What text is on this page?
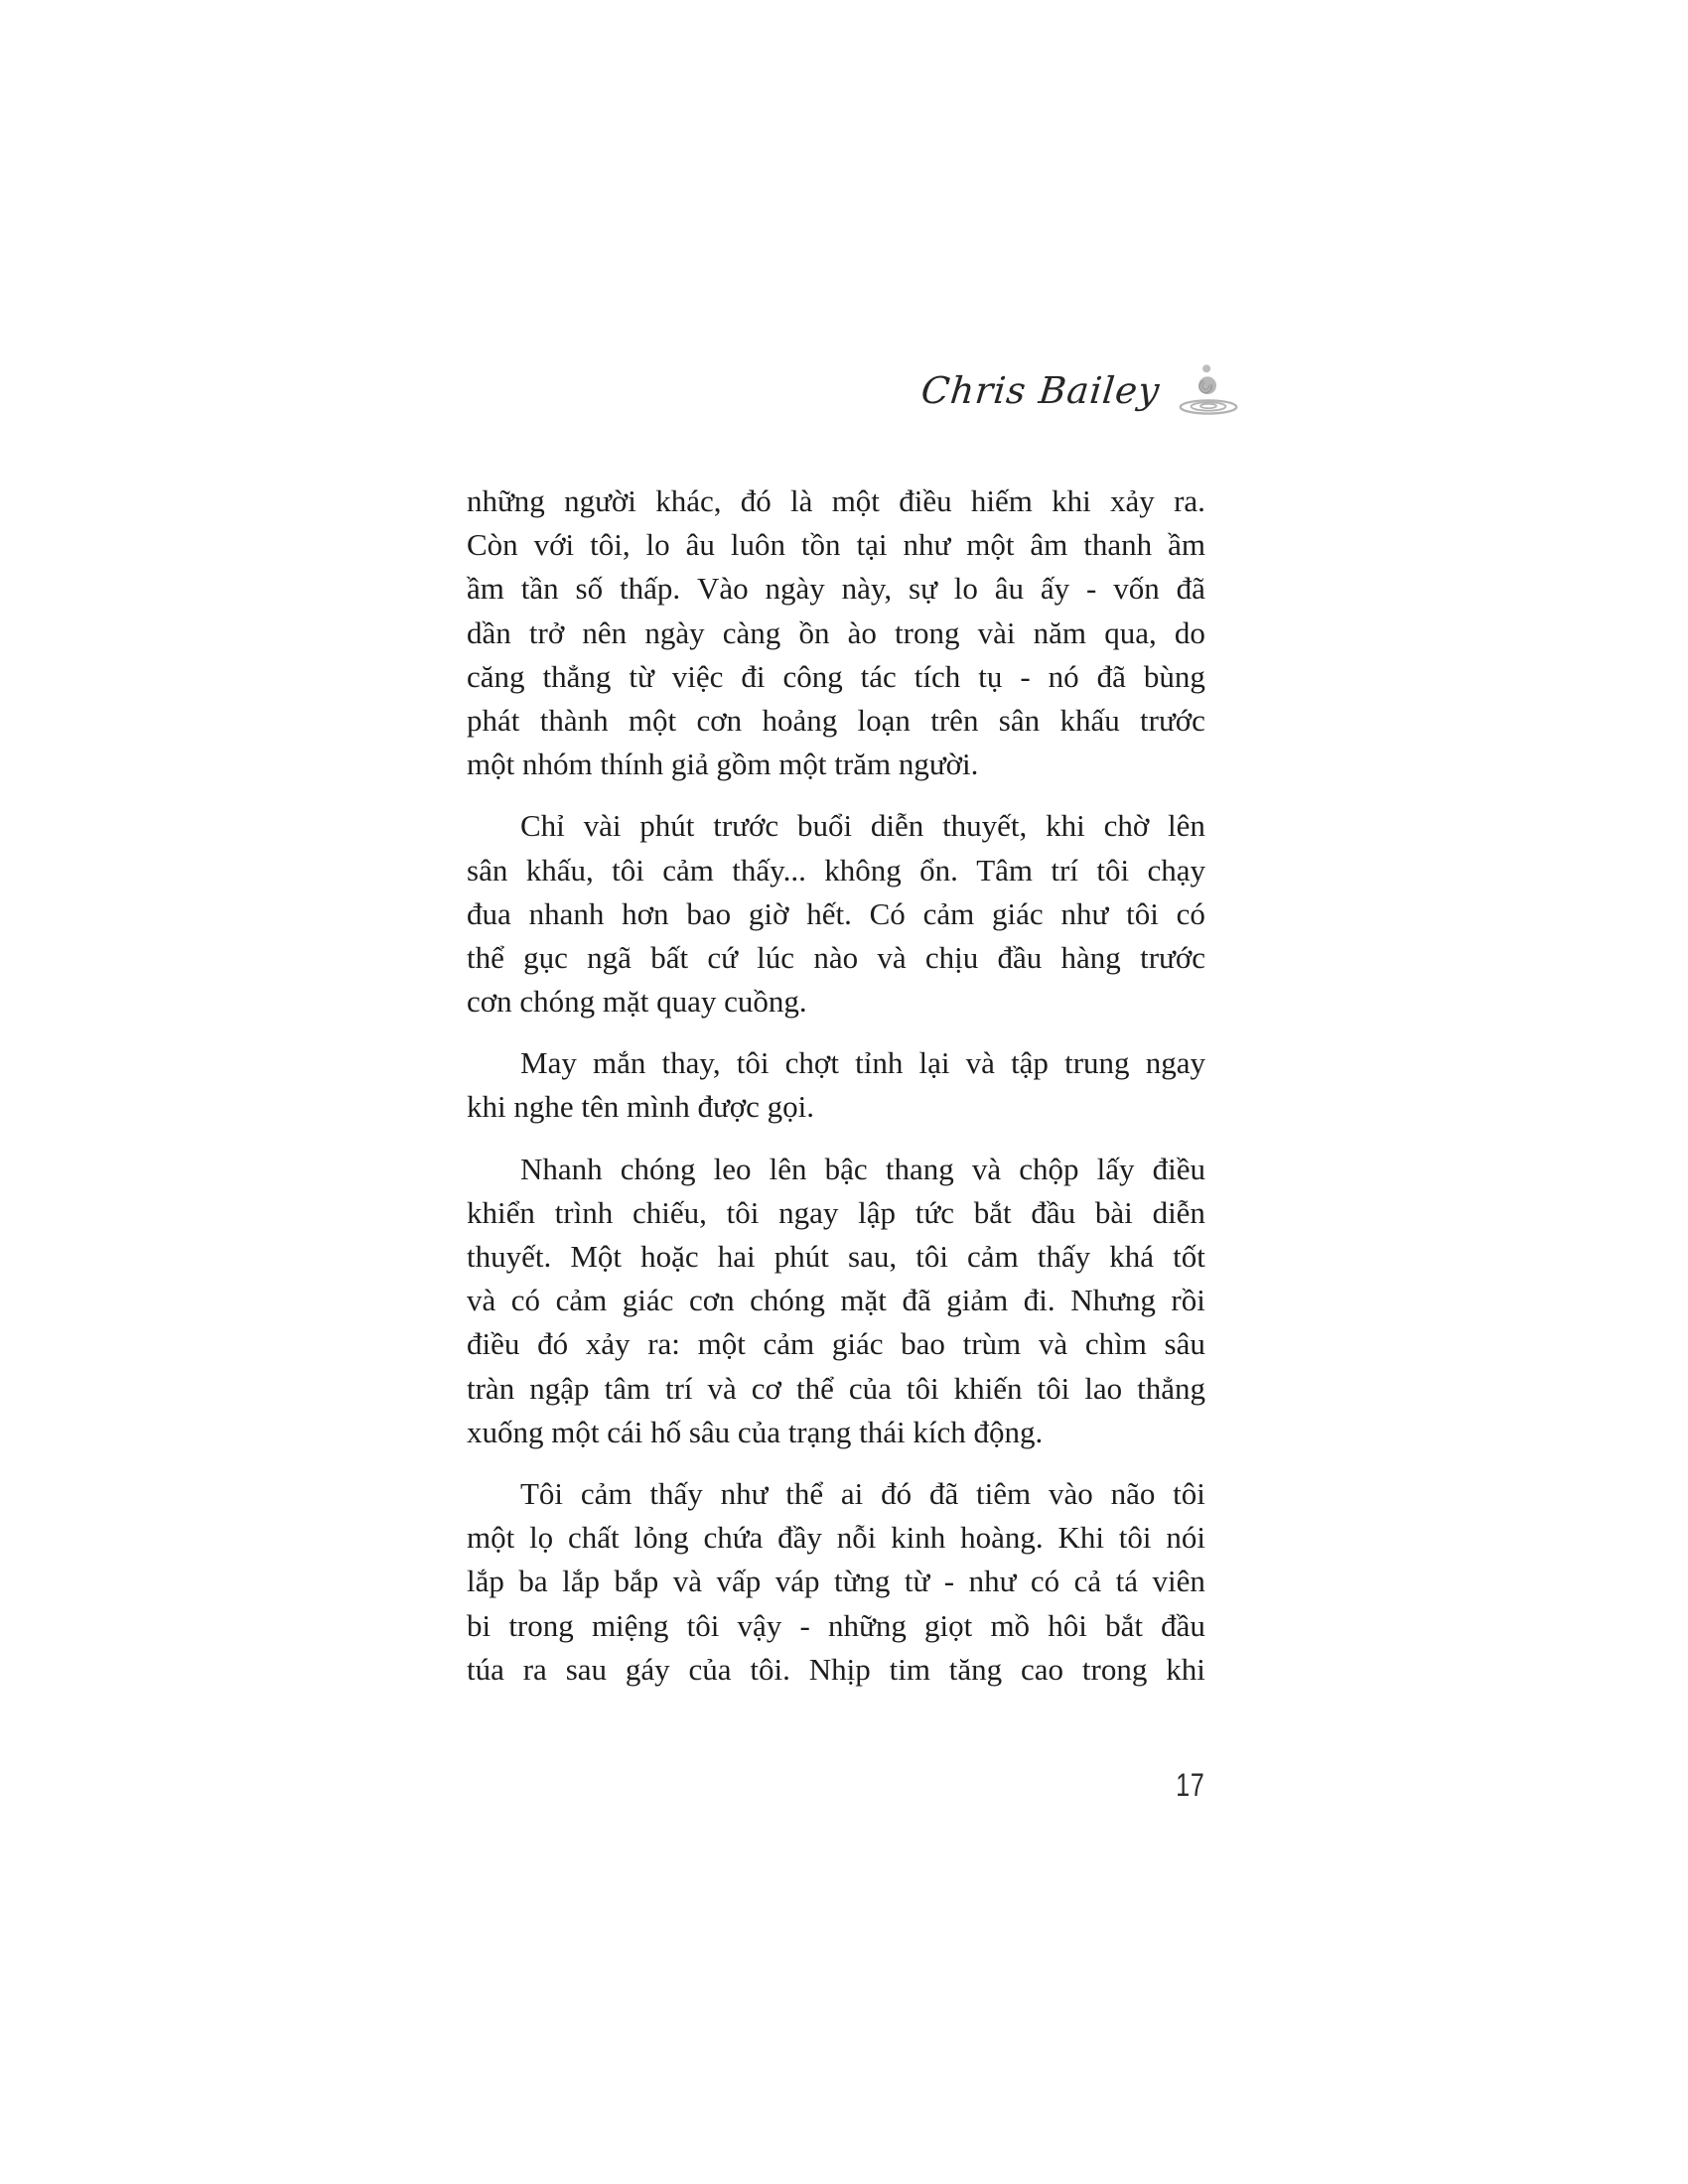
Chris Bailey
những người khác, đó là một điều hiếm khi xảy ra.
Còn với tôi, lo âu luôn tồn tại như một âm thanh ầm
ầm tần số thấp. Vào ngày này, sự lo âu ấy - vốn đã
dần trở nên ngày càng ồn ào trong vài năm qua, do
căng thẳng từ việc đi công tác tích tụ - nó đã bùng
phát thành một cơn hoảng loạn trên sân khấu trước
một nhóm thính giả gồm một trăm người.
Chỉ vài phút trước buổi diễn thuyết, khi chờ lên
sân khấu, tôi cảm thấy... không ổn. Tâm trí tôi chạy
đua nhanh hơn bao giờ hết. Có cảm giác như tôi có
thể gục ngã bất cứ lúc nào và chịu đầu hàng trước
cơn chóng mặt quay cuồng.
May mắn thay, tôi chợt tỉnh lại và tập trung ngay
khi nghe tên mình được gọi.
Nhanh chóng leo lên bậc thang và chộp lấy điều
khiển trình chiếu, tôi ngay lập tức bắt đầu bài diễn
thuyết. Một hoặc hai phút sau, tôi cảm thấy khá tốt
và có cảm giác cơn chóng mặt đã giảm đi. Nhưng rồi
điều đó xảy ra: một cảm giác bao trùm và chìm sâu
tràn ngập tâm trí và cơ thể của tôi khiến tôi lao thẳng
xuống một cái hố sâu của trạng thái kích động.
Tôi cảm thấy như thể ai đó đã tiêm vào não tôi
một lọ chất lỏng chứa đầy nỗi kinh hoàng. Khi tôi nói
lắp ba lắp bắp và vấp váp từng từ - như có cả tá viên
bi trong miệng tôi vậy - những giọt mồ hôi bắt đầu
túa ra sau gáy của tôi. Nhịp tim tăng cao trong khi
17
